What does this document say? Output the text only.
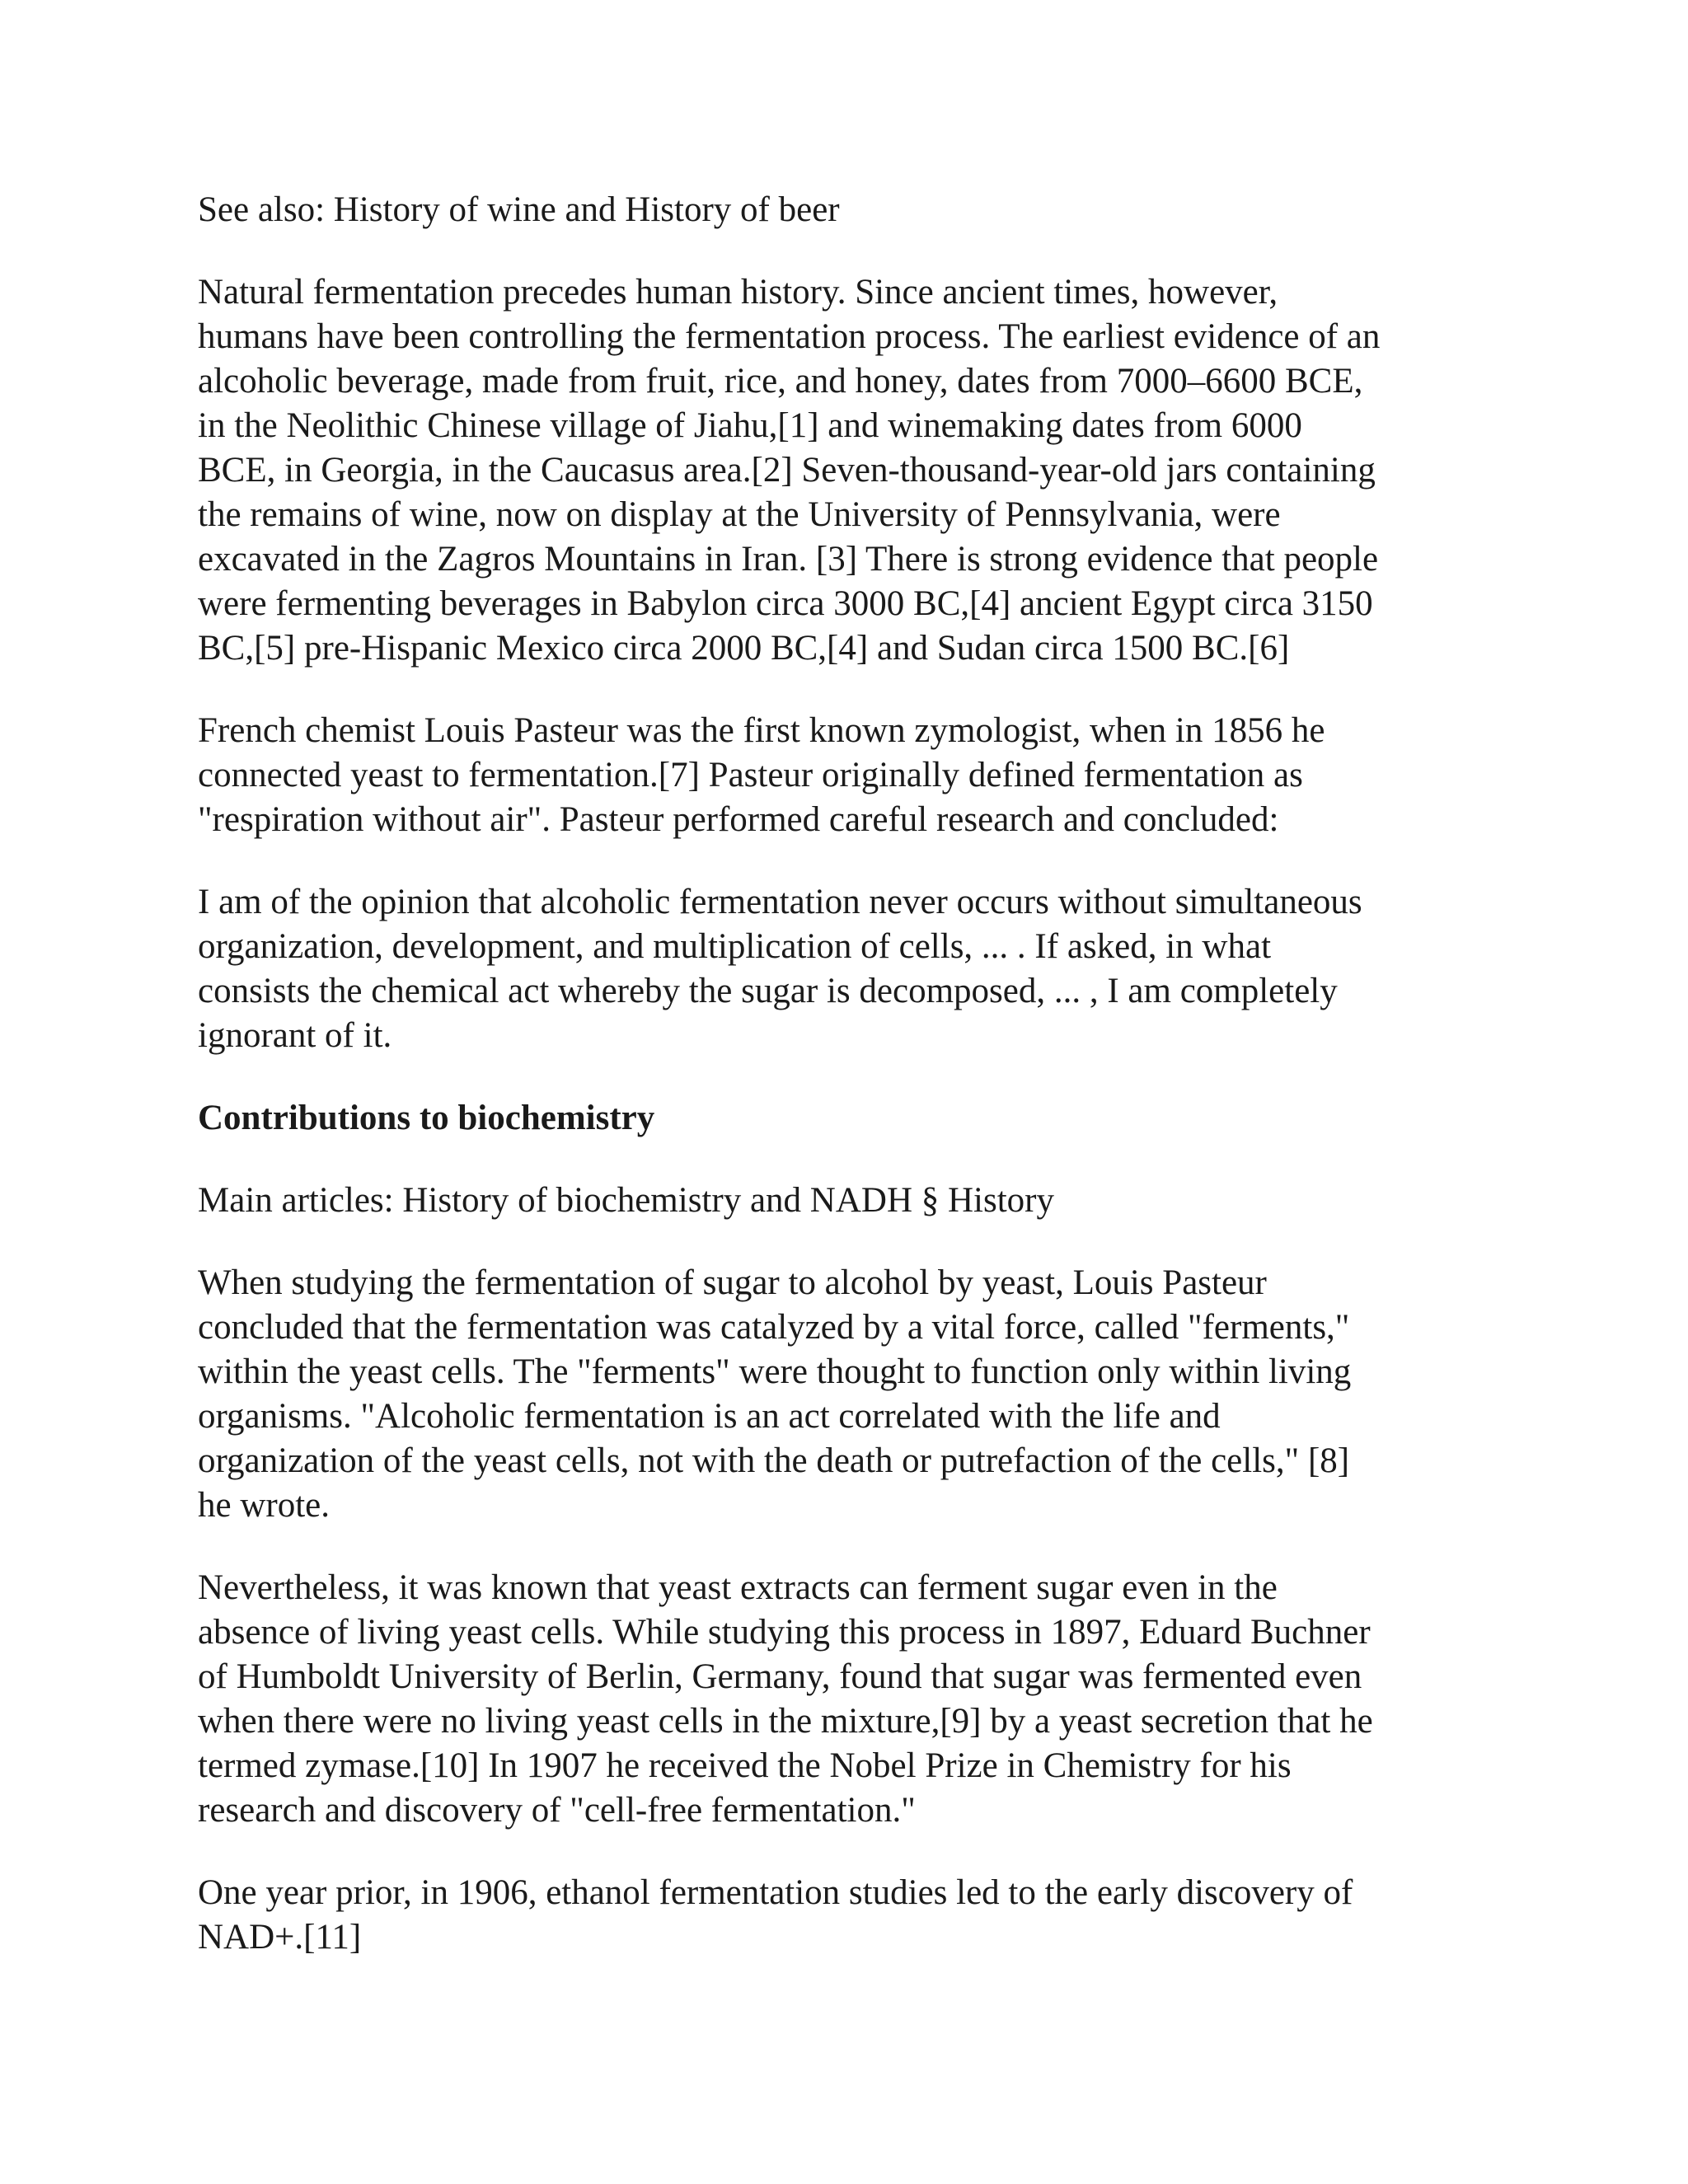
See also: History of wine and History of beer

Natural fermentation precedes human history. Since ancient times, however,
humans have been controlling the fermentation process. The earliest evidence of an
alcoholic beverage, made from fruit, rice, and honey, dates from 7000–6600 BCE,
in the Neolithic Chinese village of Jiahu,[1] and winemaking dates from 6000
BCE, in Georgia, in the Caucasus area.[2] Seven-thousand-year-old jars containing
the remains of wine, now on display at the University of Pennsylvania, were
excavated in the Zagros Mountains in Iran. [3] There is strong evidence that people
were fermenting beverages in Babylon circa 3000 BC,[4] ancient Egypt circa 3150
BC,[5] pre-Hispanic Mexico circa 2000 BC,[4] and Sudan circa 1500 BC.[6]

French chemist Louis Pasteur was the first known zymologist, when in 1856 he
connected yeast to fermentation.[7] Pasteur originally defined fermentation as
"respiration without air". Pasteur performed careful research and concluded:

I am of the opinion that alcoholic fermentation never occurs without simultaneous
organization, development, and multiplication of cells, ... . If asked, in what
consists the chemical act whereby the sugar is decomposed, ... , I am completely
ignorant of it.

Contributions to biochemistry

Main articles: History of biochemistry and NADH § History

When studying the fermentation of sugar to alcohol by yeast, Louis Pasteur
concluded that the fermentation was catalyzed by a vital force, called "ferments,"
within the yeast cells. The "ferments" were thought to function only within living
organisms. "Alcoholic fermentation is an act correlated with the life and
organization of the yeast cells, not with the death or putrefaction of the cells," [8]
he wrote.

Nevertheless, it was known that yeast extracts can ferment sugar even in the
absence of living yeast cells. While studying this process in 1897, Eduard Buchner
of Humboldt University of Berlin, Germany, found that sugar was fermented even
when there were no living yeast cells in the mixture,[9] by a yeast secretion that he
termed zymase.[10] In 1907 he received the Nobel Prize in Chemistry for his
research and discovery of "cell-free fermentation."

One year prior, in 1906, ethanol fermentation studies led to the early discovery of
NAD+.[11]
